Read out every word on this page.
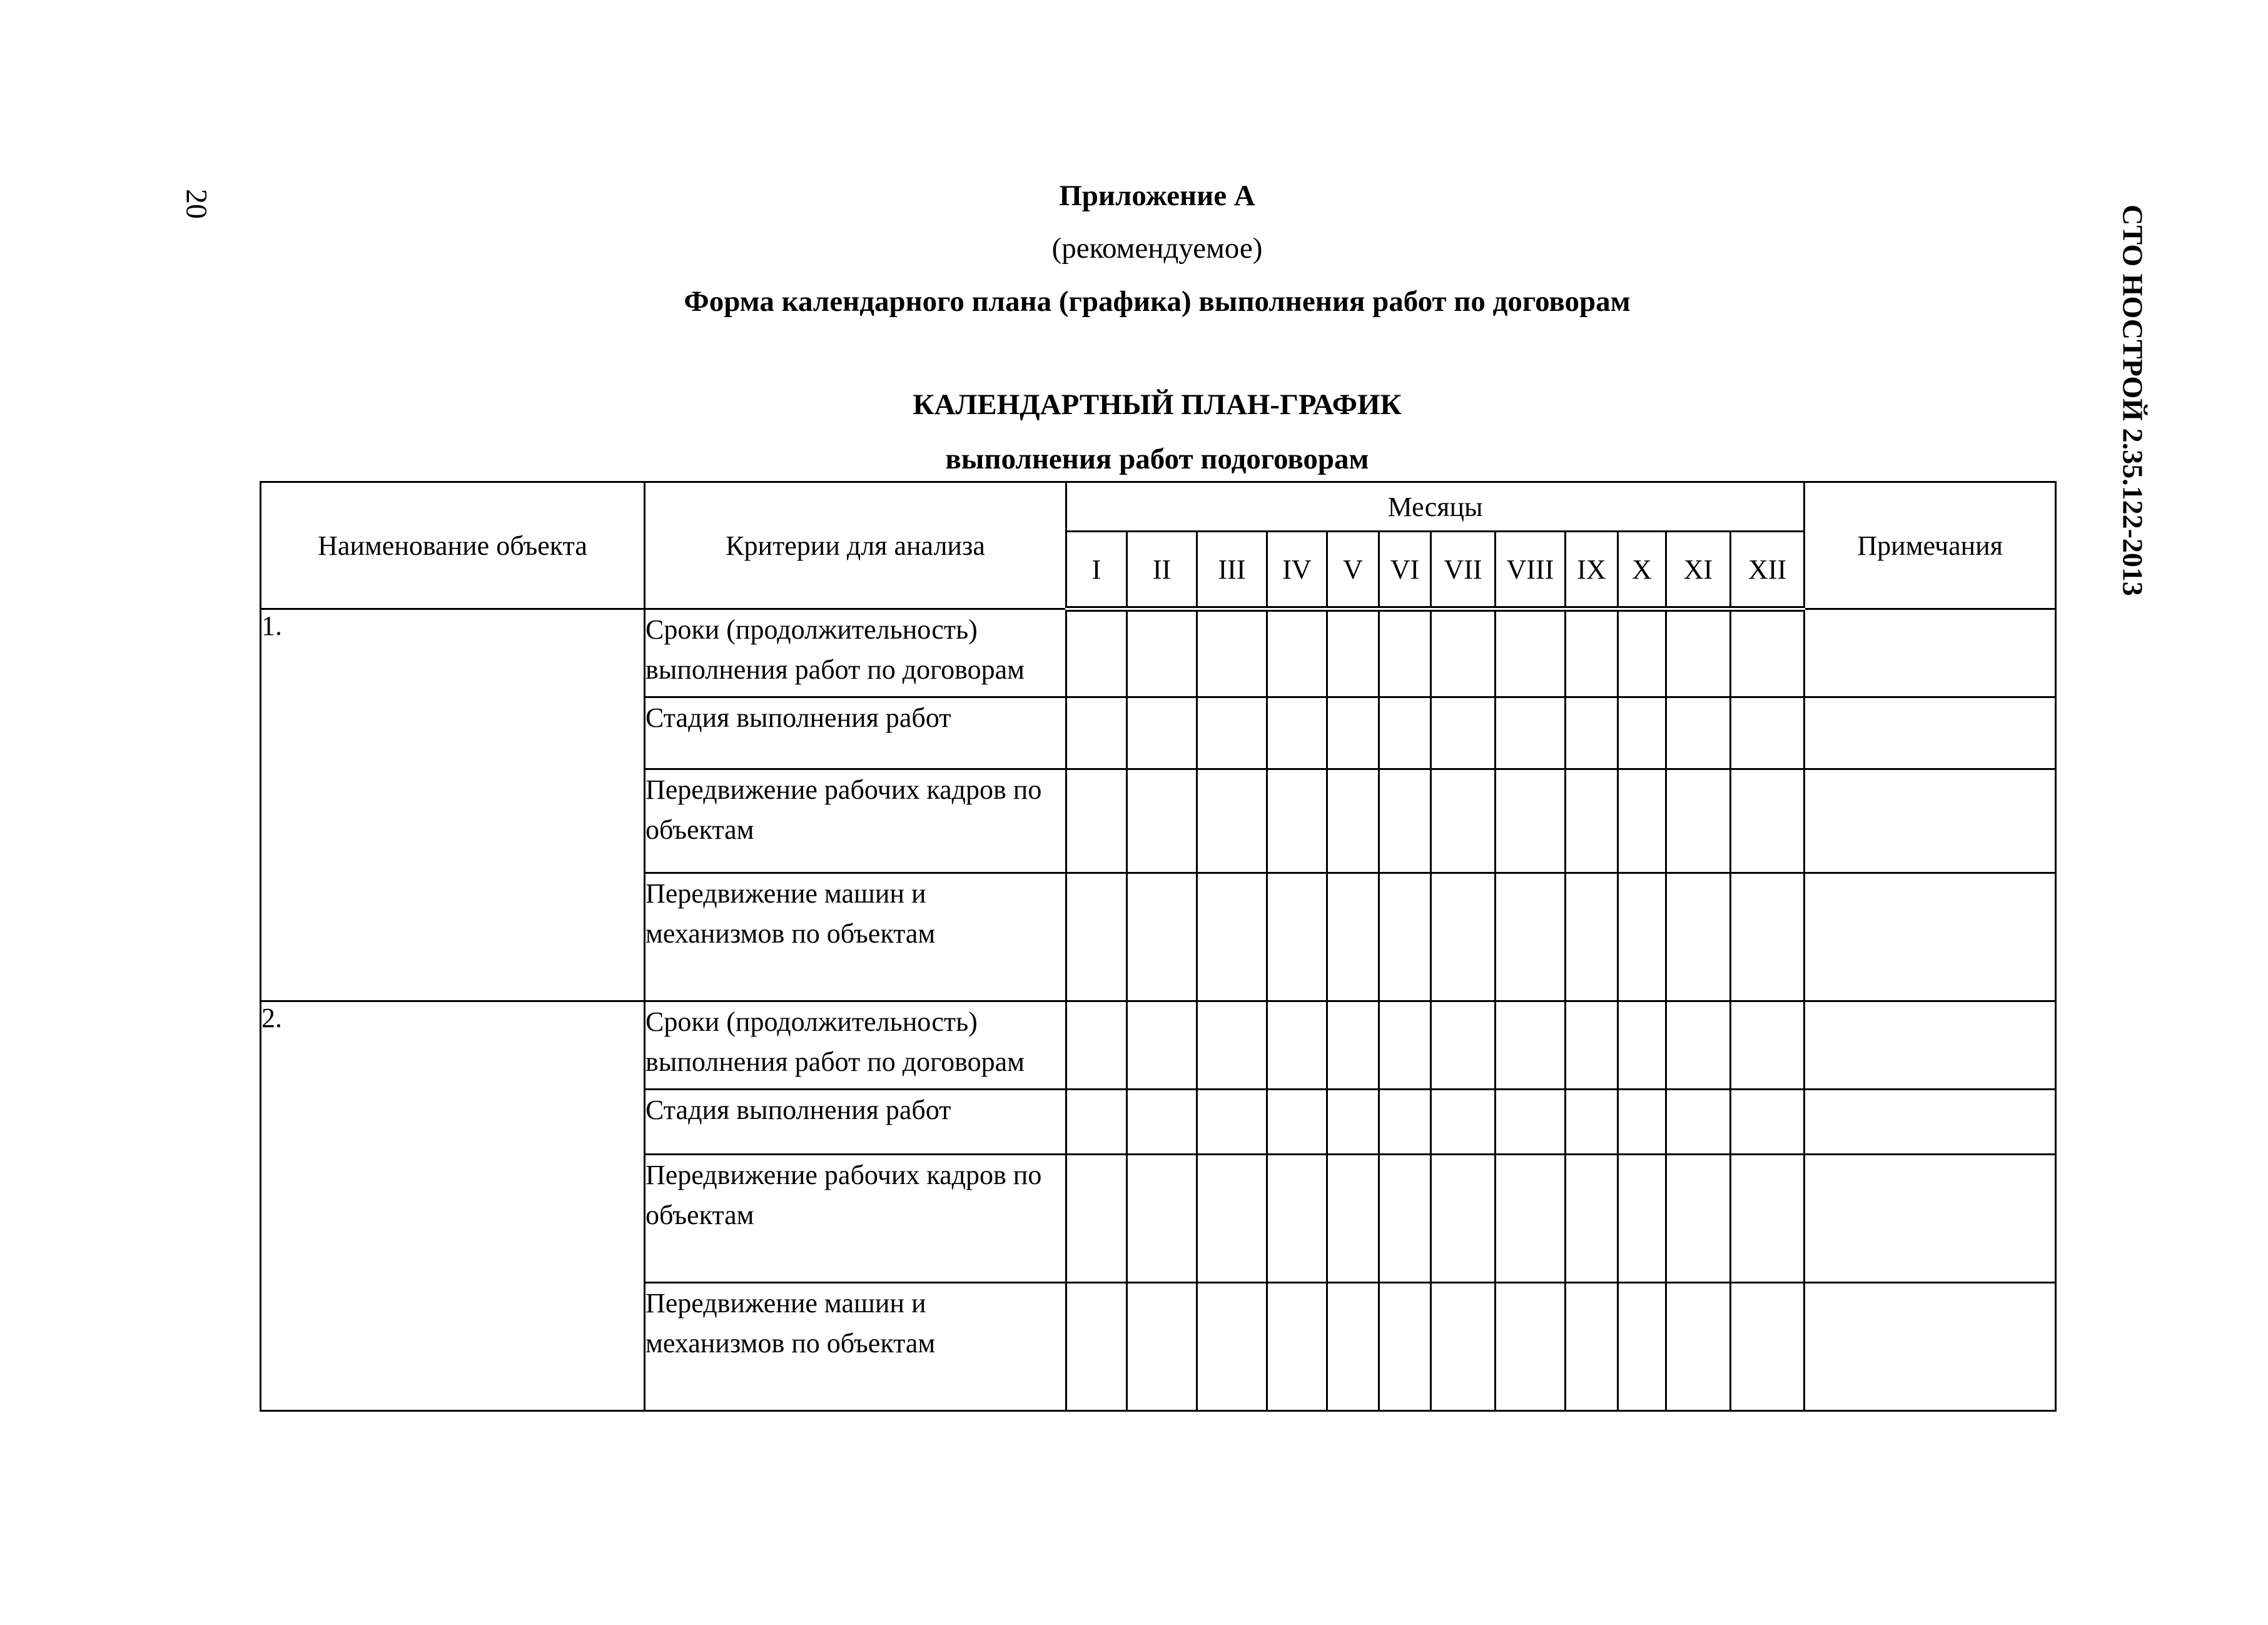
20
СТО НОСТРОЙ 2.35.122-2013
Приложение А
(рекомендуемое)
Форма календарного плана (графика) выполнения работ по договорам
КАЛЕНДАРТНЫЙ ПЛАН-ГРАФИК
выполнения работ подоговорам
Наименование объекта	Критерии для анализа	Месяцы												Примечания
		I	II	III	IV	V	VI	VII	VIII	IX	X	XI	XII	
1.	Сроки (продолжительность) выполнения работ по договорам													
	Стадия выполнения работ													
	Передвижение рабочих кадров по объектам													
	Передвижение машин и механизмов по объектам													
2.	Сроки (продолжительность) выполнения работ по договорам													
	Стадия выполнения работ													
	Передвижение рабочих кадров по объектам													
	Передвижение машин и механизмов по объектам													
